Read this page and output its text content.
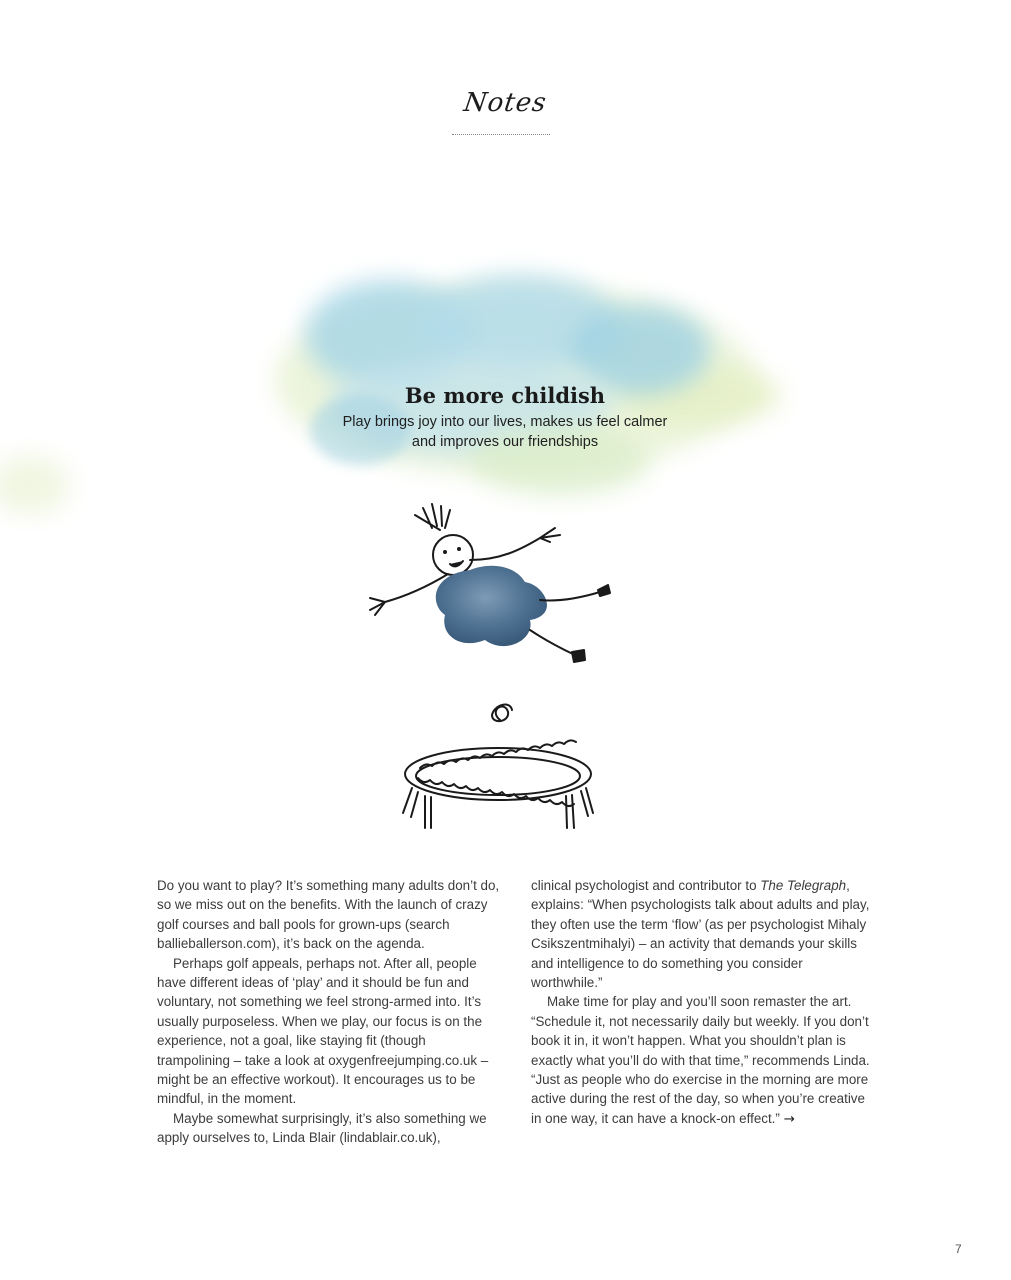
Notes
Be more childish

Play brings joy into our lives, makes us feel calmer
and improves our friendships

Do you want to play? It’s something many adults don’t do, so we miss out on the benefits. With the launch of crazy golf courses and ball pools for grown-ups (search ballieballerson.com), it’s back on the agenda.

Perhaps golf appeals, perhaps not. After all, people have different ideas of ‘play’ and it should be fun and voluntary, not something we feel strong-armed into. It’s usually purposeless. When we play, our focus is on the experience, not a goal, like staying fit (though trampolining – take a look at oxygenfreejumping.co.uk – might be an effective workout). It encourages us to be mindful, in the moment.

Maybe somewhat surprisingly, it’s also something we apply ourselves to, Linda Blair (lindablair.co.uk),

clinical psychologist and contributor to The Telegraph, explains: “When psychologists talk about adults and play, they often use the term ‘flow’ (as per psychologist Mihaly Csikszentmihalyi) – an activity that demands your skills and intelligence to do something you consider worthwhile.”

Make time for play and you’ll soon remaster the art. “Schedule it, not necessarily daily but weekly. If you don’t book it in, it won’t happen. What you shouldn’t plan is exactly what you’ll do with that time,” recommends Linda. “Just as people who do exercise in the morning are more active during the rest of the day, so when you’re creative in one way, it can have a knock-on effect.” →

7
